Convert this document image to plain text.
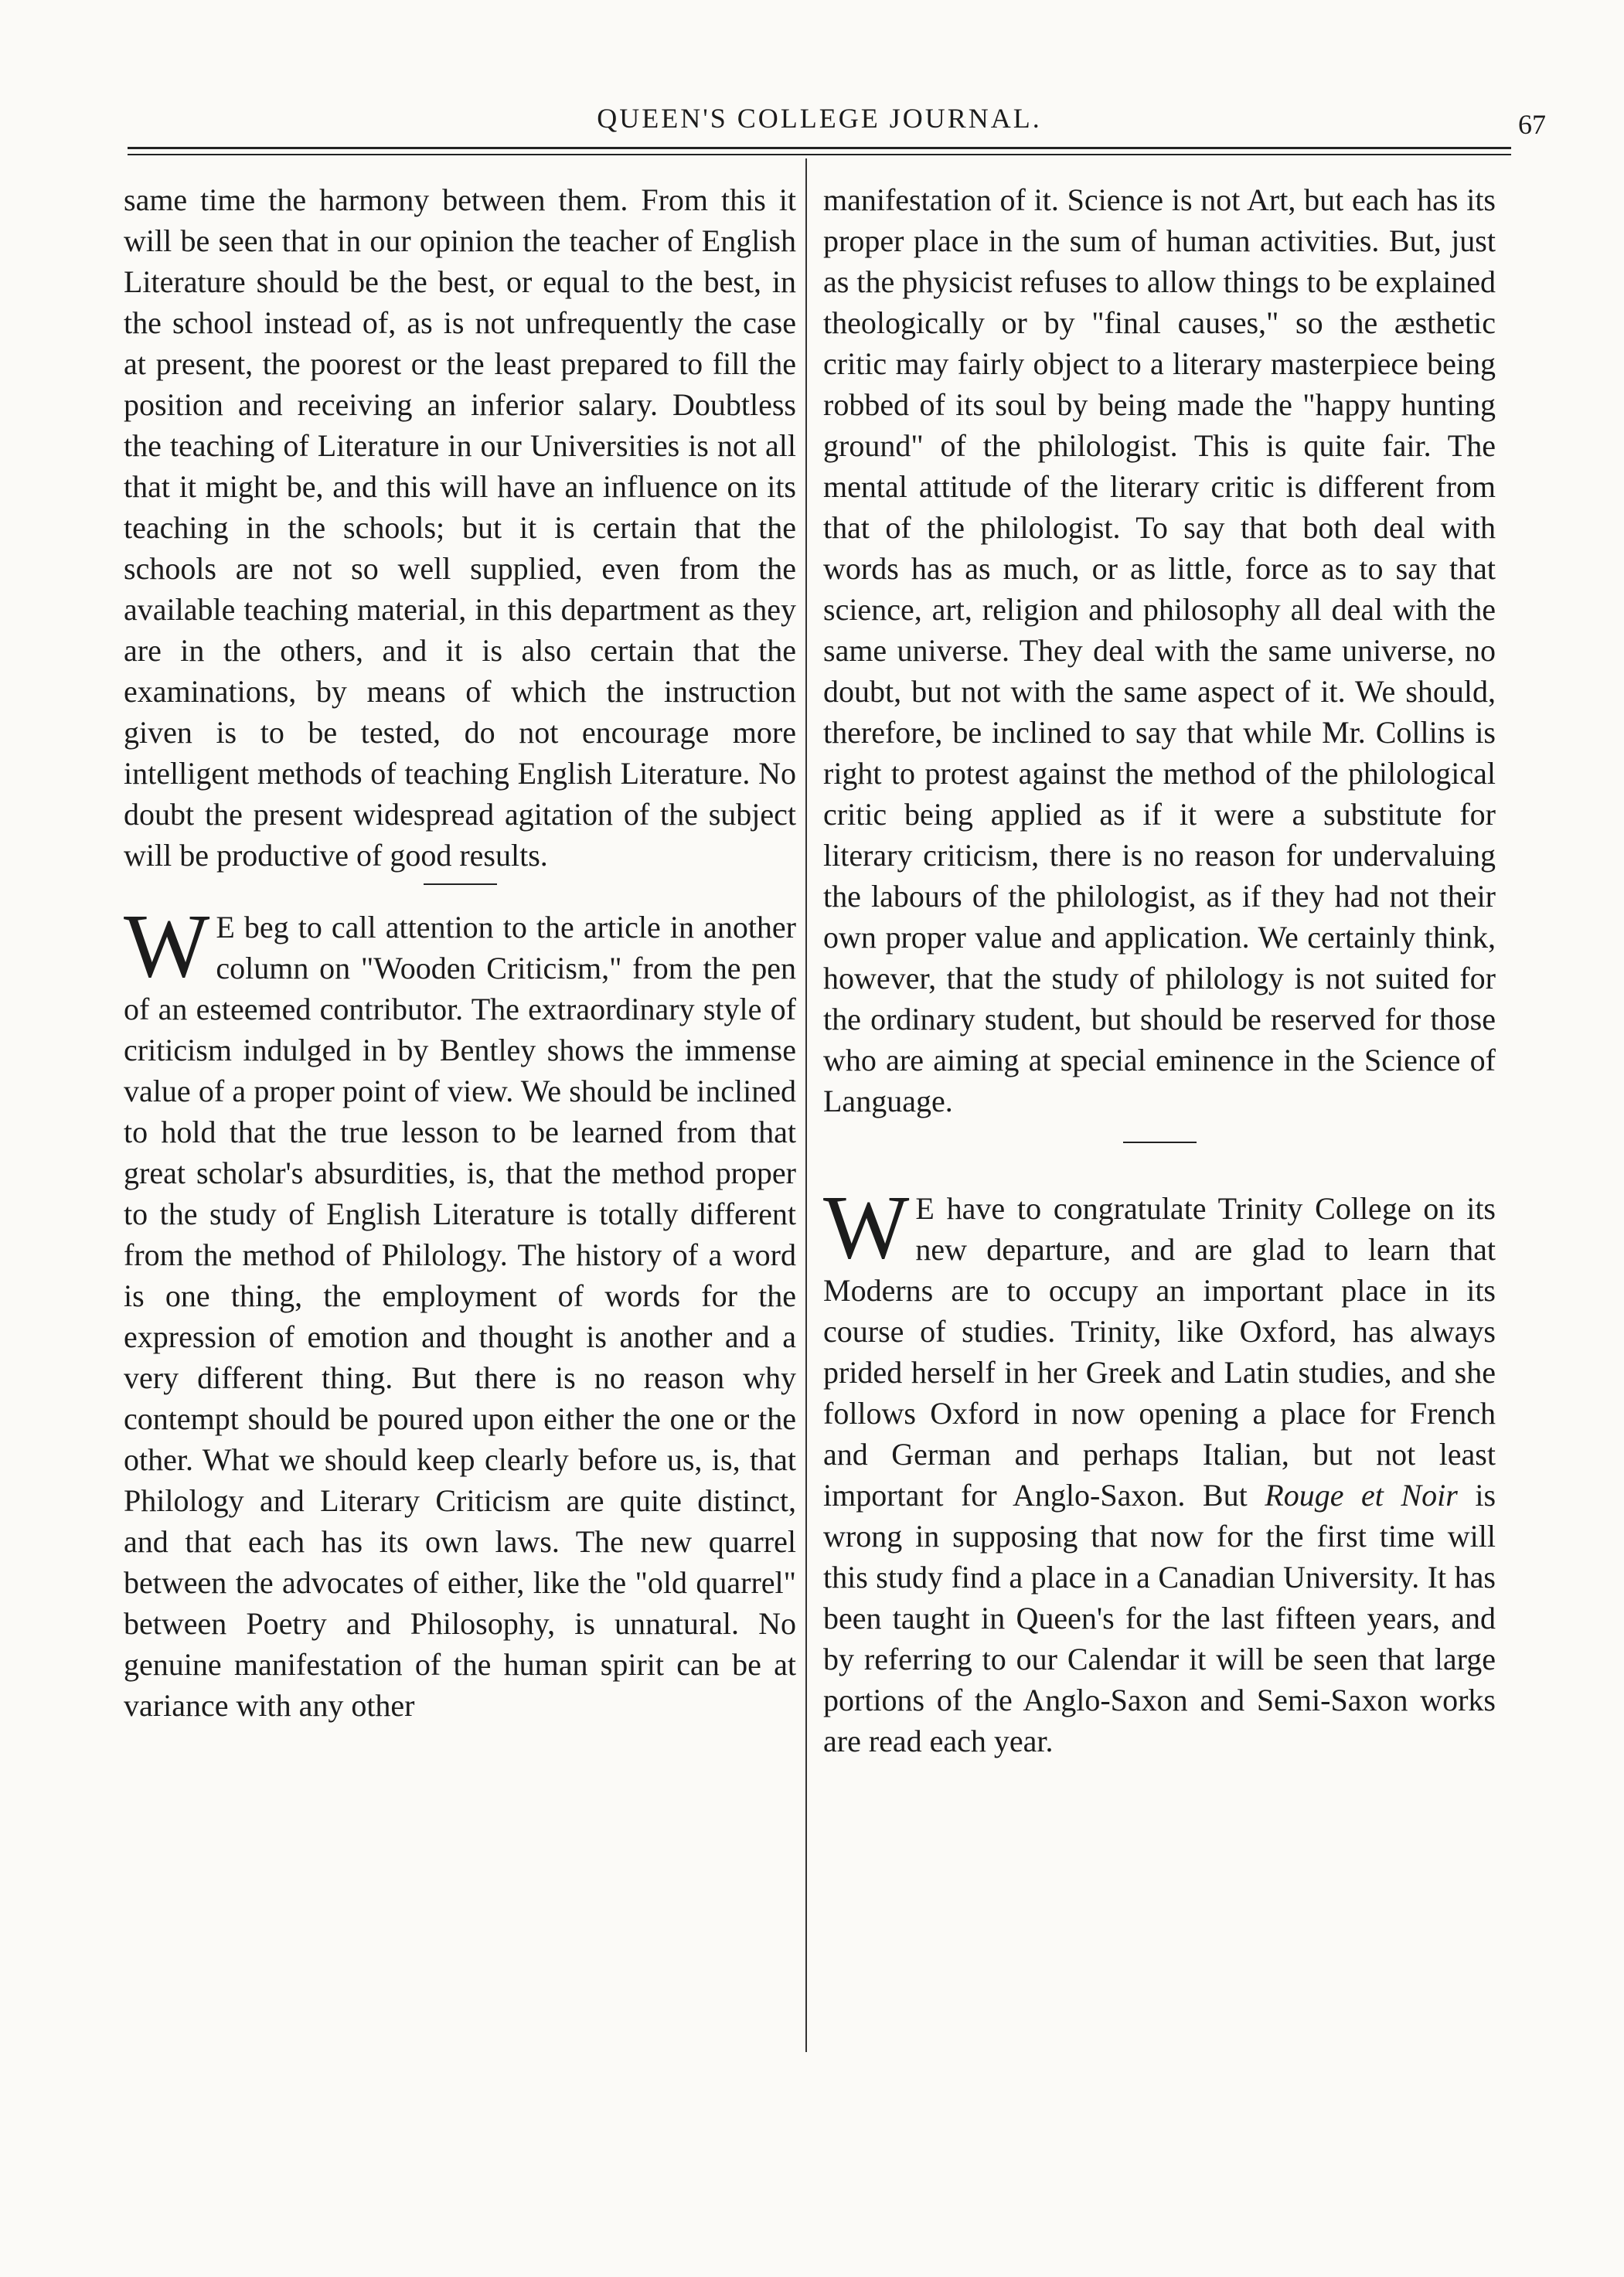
QUEEN'S COLLEGE JOURNAL.	67

same time the harmony between them. From this it will be seen that in our opinion the teacher of English Literature should be the best, or equal to the best, in the school instead of, as is not unfrequently the case at present, the poorest or the least prepared to fill the position and receiving an inferior salary. Doubtless the teaching of Literature in our Universities is not all that it might be, and this will have an influence on its teaching in the schools; but it is certain that the schools are not so well supplied, even from the available teaching material, in this department as they are in the others, and it is also certain that the examinations, by means of which the instruction given is to be tested, do not encourage more intelligent methods of teaching English Literature. No doubt the present widespread agitation of the subject will be productive of good results.

W E beg to call attention to the article in another column on "Wooden Criticism," from the pen of an esteemed contributor. The extraordinary style of criticism indulged in by Bentley shows the immense value of a proper point of view. We should be inclined to hold that the true lesson to be learned from that great scholar's absurdities, is, that the method proper to the study of English Literature is totally different from the method of Philology. The history of a word is one thing, the employment of words for the expression of emotion and thought is another and a very different thing. But there is no reason why contempt should be poured upon either the one or the other. What we should keep clearly before us, is, that Philology and Literary Criticism are quite distinct, and that each has its own laws. The new quarrel between the advocates of either, like the "old quarrel" between Poetry and Philosophy, is unnatural. No genuine manifestation of the human spirit can be at variance with any other

manifestation of it. Science is not Art, but each has its proper place in the sum of human activities. But, just as the physicist refuses to allow things to be explained theologically or by "final causes," so the æsthetic critic may fairly object to a literary masterpiece being robbed of its soul by being made the "happy hunting ground" of the philologist. This is quite fair. The mental attitude of the literary critic is different from that of the philologist. To say that both deal with words has as much, or as little, force as to say that science, art, religion and philosophy all deal with the same universe. They deal with the same universe, no doubt, but not with the same aspect of it. We should, therefore, be inclined to say that while Mr. Collins is right to protest against the method of the philological critic being applied as if it were a substitute for literary criticism, there is no reason for undervaluing the labours of the philologist, as if they had not their own proper value and application. We certainly think, however, that the study of philology is not suited for the ordinary student, but should be reserved for those who are aiming at special eminence in the Science of Language.

W E have to congratulate Trinity College on its new departure, and are glad to learn that Moderns are to occupy an important place in its course of studies. Trinity, like Oxford, has always prided herself in her Greek and Latin studies, and she follows Oxford in now opening a place for French and German and perhaps Italian, but not least important for Anglo-Saxon. But Rouge et Noir is wrong in supposing that now for the first time will this study find a place in a Canadian University. It has been taught in Queen's for the last fifteen years, and by referring to our Calendar it will be seen that large portions of the Anglo-Saxon and Semi-Saxon works are read each year.
